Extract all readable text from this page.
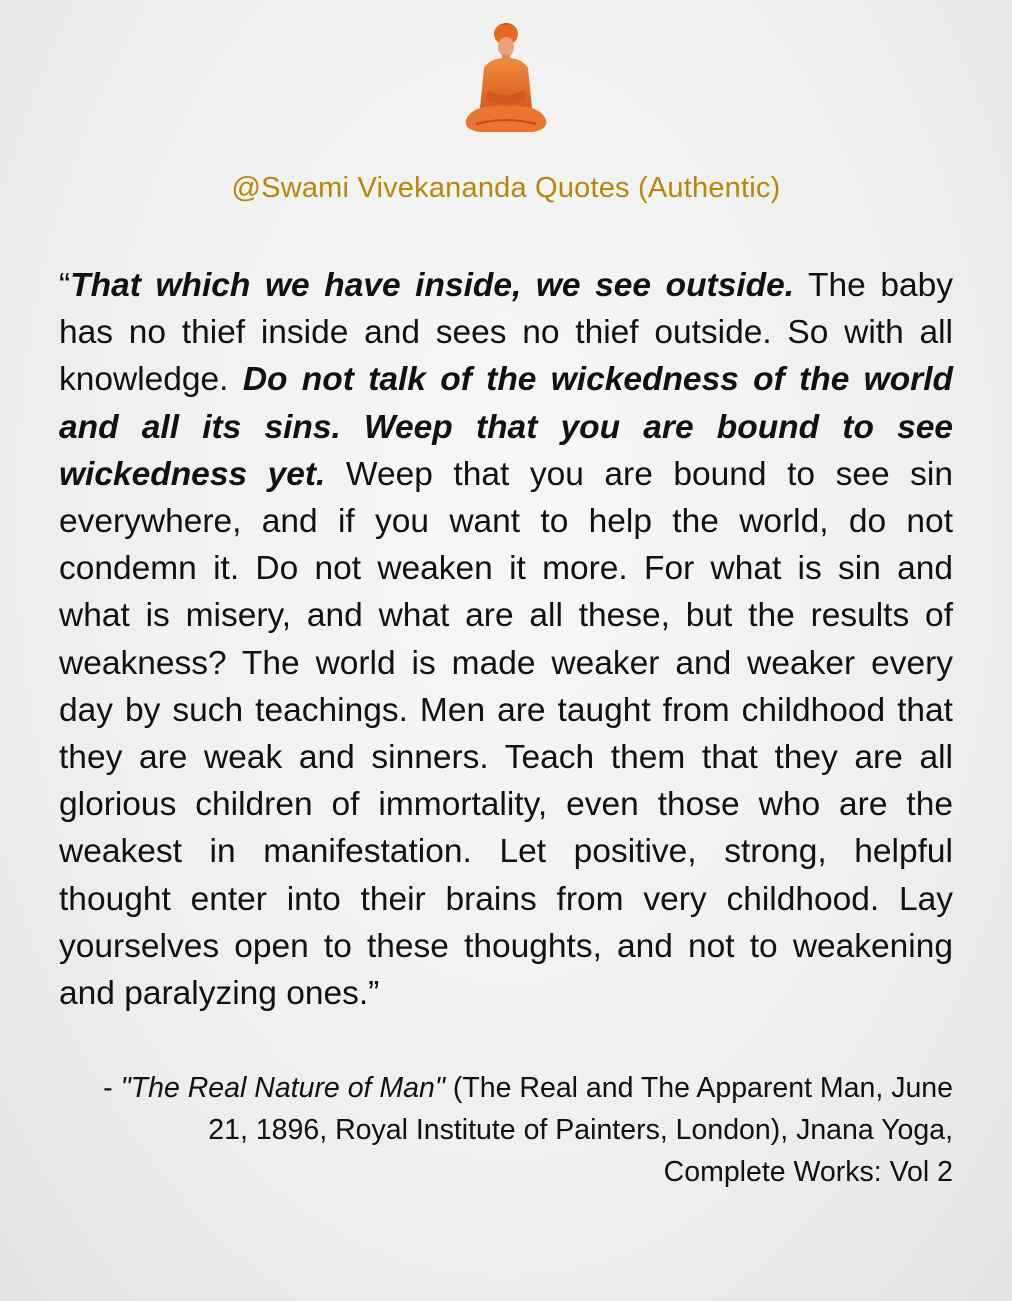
@Swami Vivekananda Quotes (Authentic)

“That which we have inside, we see outside. The baby has no thief inside and sees no thief outside. So with all knowledge. Do not talk of the wickedness of the world and all its sins. Weep that you are bound to see wickedness yet. Weep that you are bound to see sin everywhere, and if you want to help the world, do not condemn it. Do not weaken it more. For what is sin and what is misery, and what are all these, but the results of weakness? The world is made weaker and weaker every day by such teachings. Men are taught from childhood that they are weak and sinners. Teach them that they are all glorious children of immortality, even those who are the weakest in manifestation. Let positive, strong, helpful thought enter into their brains from very childhood. Lay yourselves open to these thoughts, and not to weakening and paralyzing ones.”

- "The Real Nature of Man" (The Real and The Apparent Man, June 21, 1896, Royal Institute of Painters, London), Jnana Yoga, Complete Works: Vol 2
